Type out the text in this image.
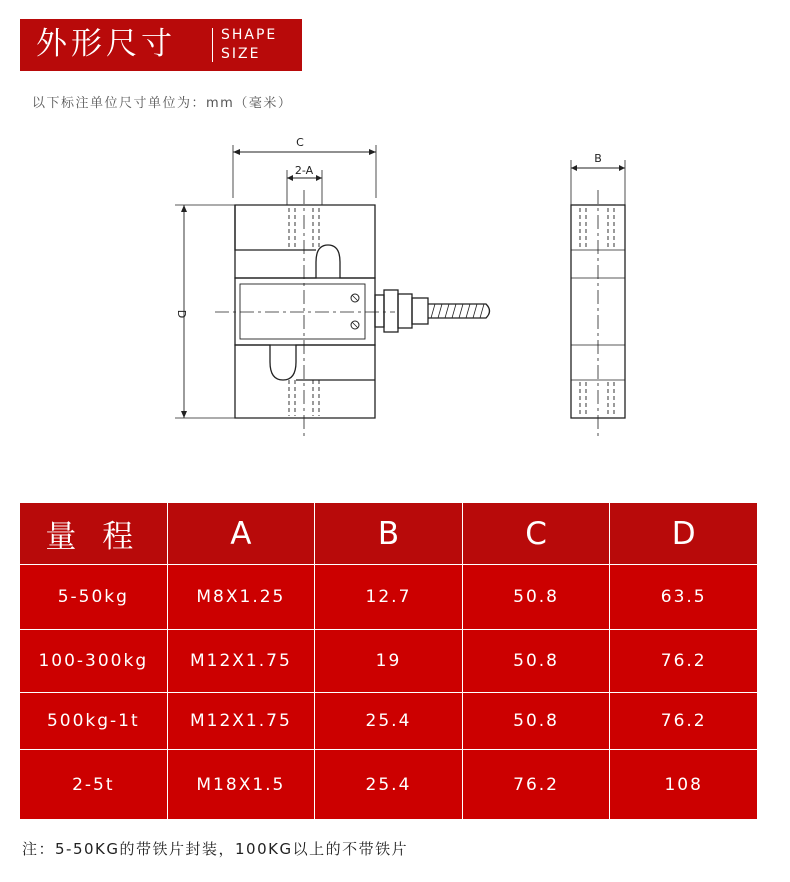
外形尺寸	SHAPE
SIZE
以下标注单位尺寸单位为：mm（毫米）
C
2-A
D
B
量 程	A	B	C	D
5-50kg	M8X1.25	12.7	50.8	63.5
100-300kg	M12X1.75	19	50.8	76.2
500kg-1t	M12X1.75	25.4	50.8	76.2
2-5t	M18X1.5	25.4	76.2	108
注：5-50KG的带铁片封装，100KG以上的不带铁片
